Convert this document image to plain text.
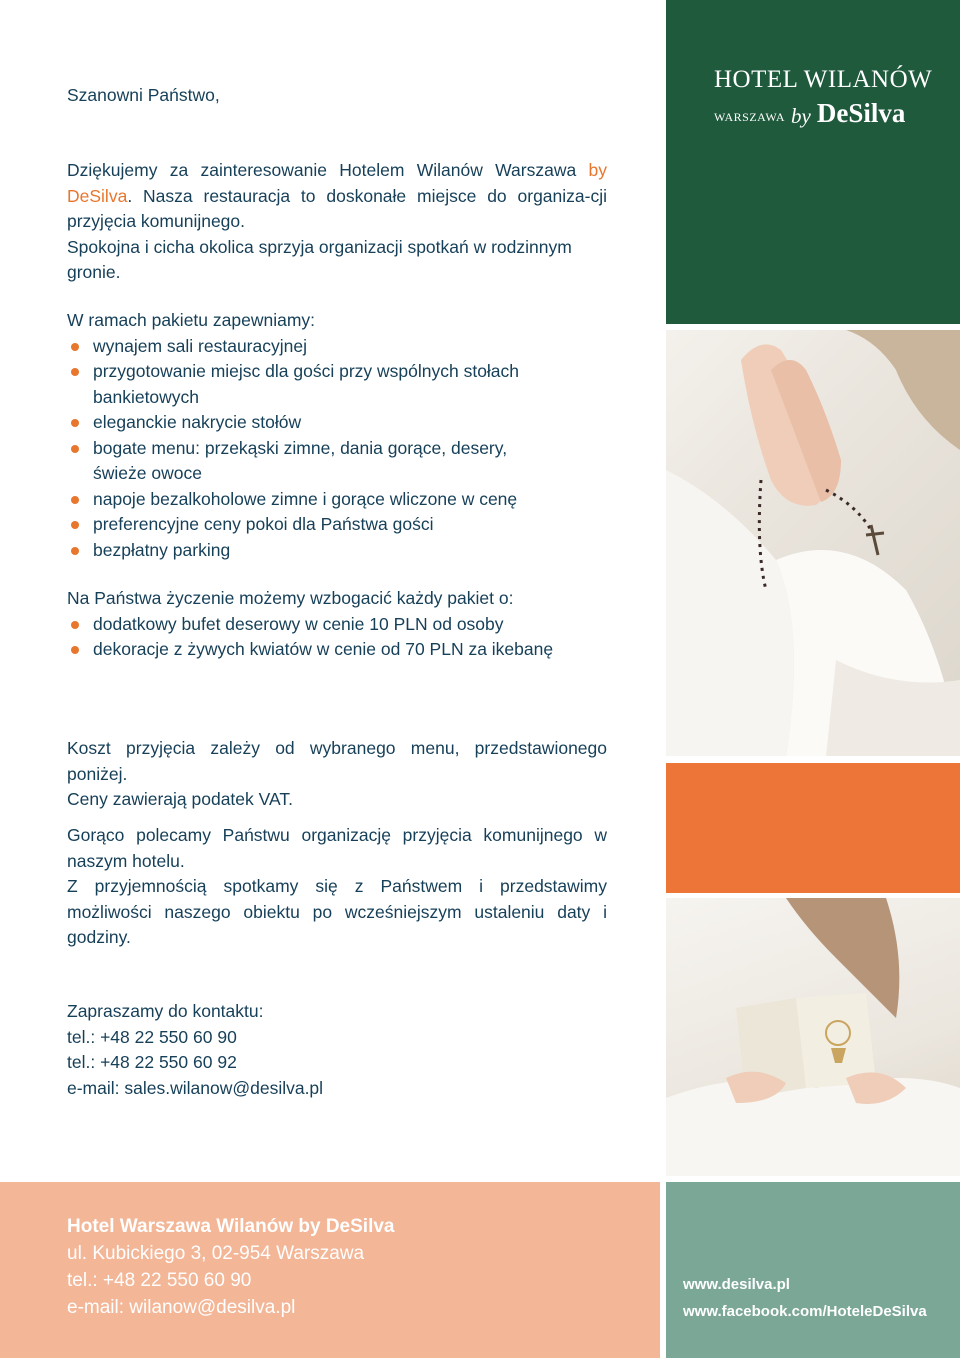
HOTEL WILANÓW
WARSZAWA by DeSilva
Szanowni Państwo,

Dziękujemy za zainteresowanie Hotelem Wilanów Warszawa by DeSilva. Nasza restauracja to doskonałe miejsce do organiza-cji przyjęcia komunijnego.

Spokojna i cicha okolica sprzyja organizacji spotkań w rodzinnym gronie.

W ramach pakietu zapewniamy:

wynajem sali restauracyjnej
przygotowanie miejsc dla gości przy wspólnych stołach bankietowych
eleganckie nakrycie stołów
bogate menu: przekąski zimne, dania gorące, desery, świeże owoce
napoje bezalkoholowe zimne i gorące wliczone w cenę
preferencyjne ceny pokoi dla Państwa gości
bezpłatny parking

Na Państwa życzenie możemy wzbogacić każdy pakiet o:

dodatkowy bufet deserowy w cenie 10 PLN od osoby
dekoracje z żywych kwiatów w cenie od 70 PLN za ikebanę

Koszt przyjęcia zależy od wybranego menu, przedstawionego poniżej.

Ceny zawierają podatek VAT.

Gorąco polecamy Państwu organizację przyjęcia komunijnego w naszym hotelu.

Z przyjemnością spotkamy się z Państwem i przedstawimy możliwości naszego obiektu po wcześniejszym ustaleniu daty i godziny.

Zapraszamy do kontaktu:

tel.: +48 22 550 60 90

tel.: +48 22 550 60 92

e-mail: sales.wilanow@desilva.pl

Hotel Warszawa Wilanów by DeSilva
ul. Kubickiego 3, 02-954 Warszawa
tel.: +48 22 550 60 90
e-mail: wilanow@desilva.pl
www.desilva.pl
www.facebook.com/HoteleDeSilva
